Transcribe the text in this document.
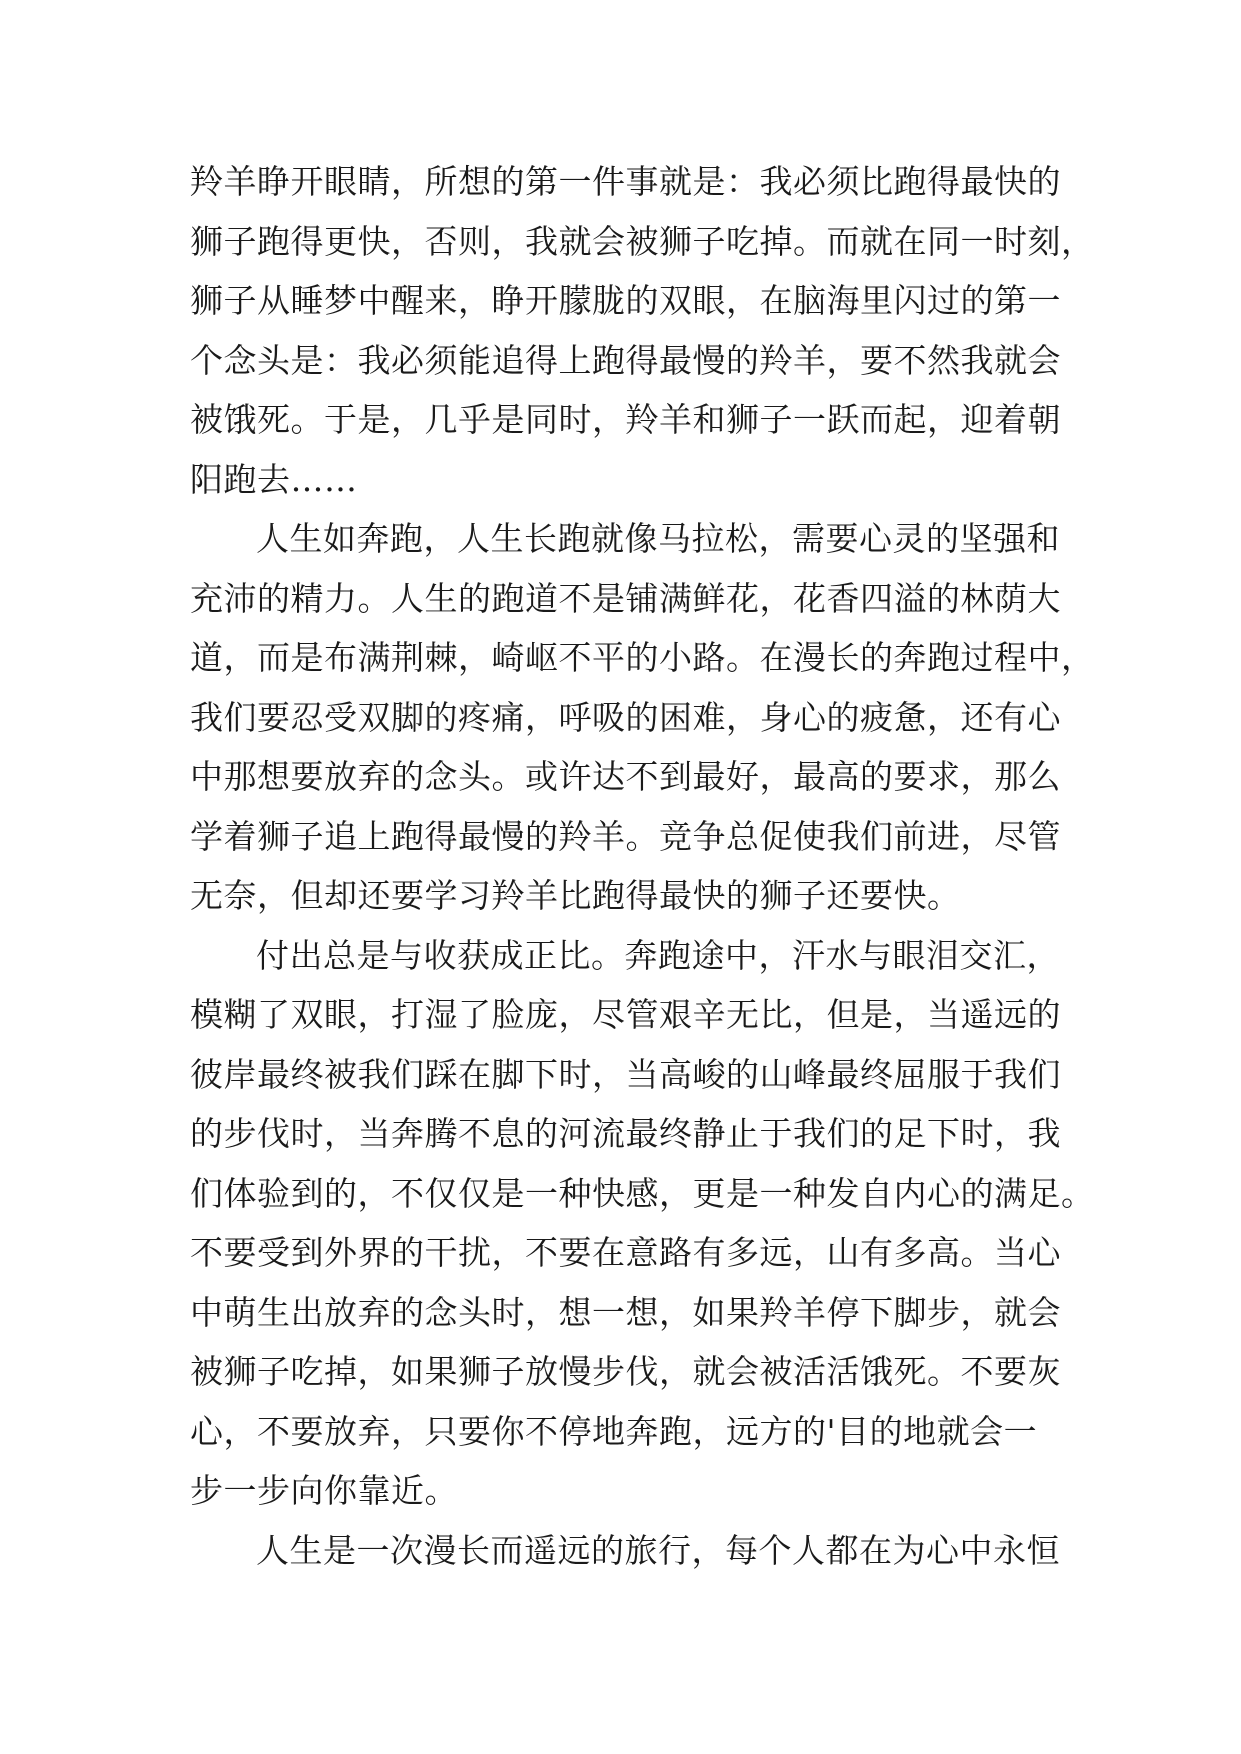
羚羊睁开眼睛，所想的第一件事就是：我必须比跑得最快的
狮子跑得更快，否则，我就会被狮子吃掉。而就在同一时刻，
狮子从睡梦中醒来，睁开朦胧的双眼，在脑海里闪过的第一
个念头是：我必须能追得上跑得最慢的羚羊，要不然我就会
被饿死。于是，几乎是同时，羚羊和狮子一跃而起，迎着朝
阳跑去……
人生如奔跑，人生长跑就像马拉松，需要心灵的坚强和
充沛的精力。人生的跑道不是铺满鲜花，花香四溢的林荫大
道，而是布满荆棘，崎岖不平的小路。在漫长的奔跑过程中，
我们要忍受双脚的疼痛，呼吸的困难，身心的疲惫，还有心
中那想要放弃的念头。或许达不到最好，最高的要求，那么
学着狮子追上跑得最慢的羚羊。竞争总促使我们前进，尽管
无奈，但却还要学习羚羊比跑得最快的狮子还要快。
付出总是与收获成正比。奔跑途中，汗水与眼泪交汇，
模糊了双眼，打湿了脸庞，尽管艰辛无比，但是，当遥远的
彼岸最终被我们踩在脚下时，当高峻的山峰最终屈服于我们
的步伐时，当奔腾不息的河流最终静止于我们的足下时，我
们体验到的，不仅仅是一种快感，更是一种发自内心的满足。
不要受到外界的干扰，不要在意路有多远，山有多高。当心
中萌生出放弃的念头时，想一想，如果羚羊停下脚步，就会
被狮子吃掉，如果狮子放慢步伐，就会被活活饿死。不要灰
心，不要放弃，只要你不停地奔跑，远方的'目的地就会一
步一步向你靠近。
人生是一次漫长而遥远的旅行，每个人都在为心中永恒
